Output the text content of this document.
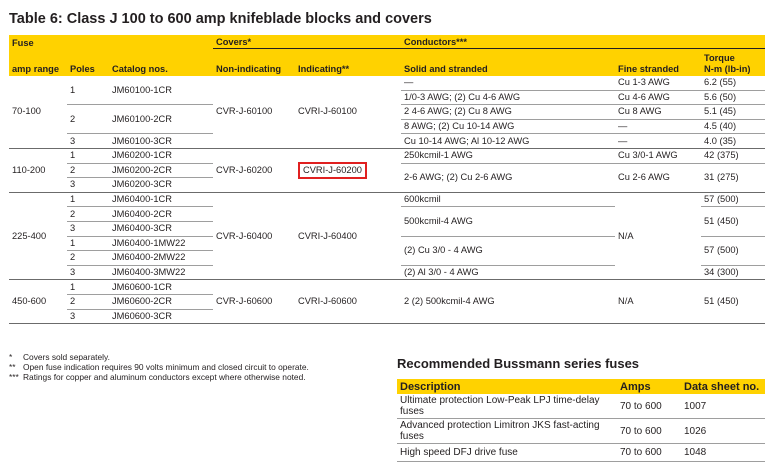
Table 6: Class J 100 to 600 amp knifeblade blocks and covers
Fuse			Covers*		Conductors***		
amp range	Poles	Catalog nos.	Non-indicating	Indicating**	Solid and stranded	Fine stranded	Torque
N-m (lb-in)
70-100	1	JM60100-1CR	CVR-J-60100	CVRI-J-60100	—	Cu 1-3 AWG	6.2 (55)
					1/0-3 AWG; (2) Cu 4-6 AWG	Cu 4-6 AWG	5.6 (50)
	2	JM60100-2CR			2 4-6 AWG; (2) Cu 8 AWG	Cu 8 AWG	5.1 (45)
					8 AWG; (2) Cu 10-14 AWG	—	4.5 (40)
	3	JM60100-3CR			Cu 10-14 AWG; Al 10-12 AWG	—	4.0 (35)
110-200	1	JM60200-1CR	CVR-J-60200	CVRI-J-60200	250kcmil-1 AWG	Cu 3/0-1 AWG	42 (375)
	2	JM60200-2CR			2-6 AWG; (2) Cu 2-6 AWG	Cu 2-6 AWG	31 (275)
	3	JM60200-3CR					
225-400	1	JM60400-1CR	CVR-J-60400	CVRI-J-60400	600kcmil	N/A	57 (500)
	2	JM60400-2CR			500kcmil-4 AWG		51 (450)
	3	JM60400-3CR					
	1	JM60400-1MW22			(2) Cu 3/0 - 4 AWG		57 (500)
	2	JM60400-2MW22					
	3	JM60400-3MW22			(2) Al 3/0 - 4 AWG		34 (300)
450-600	1	JM60600-1CR	CVR-J-60600	CVRI-J-60600	2 (2) 500kcmil-4 AWG	N/A	51 (450)
	2	JM60600-2CR					
	3	JM60600-3CR					
*	Covers sold separately.
** Open fuse indication requires 90 volts minimum and closed circuit to operate.
*** Ratings for copper and aluminum conductors except where otherwise noted.
Recommended Bussmann series fuses
Description	Amps	Data sheet no.
Ultimate protection Low-Peak LPJ time-delay fuses	70 to 600	1007
Advanced protection Limitron JKS fast-acting fuses	70 to 600	1026
High speed DFJ drive fuse	70 to 600	1048
